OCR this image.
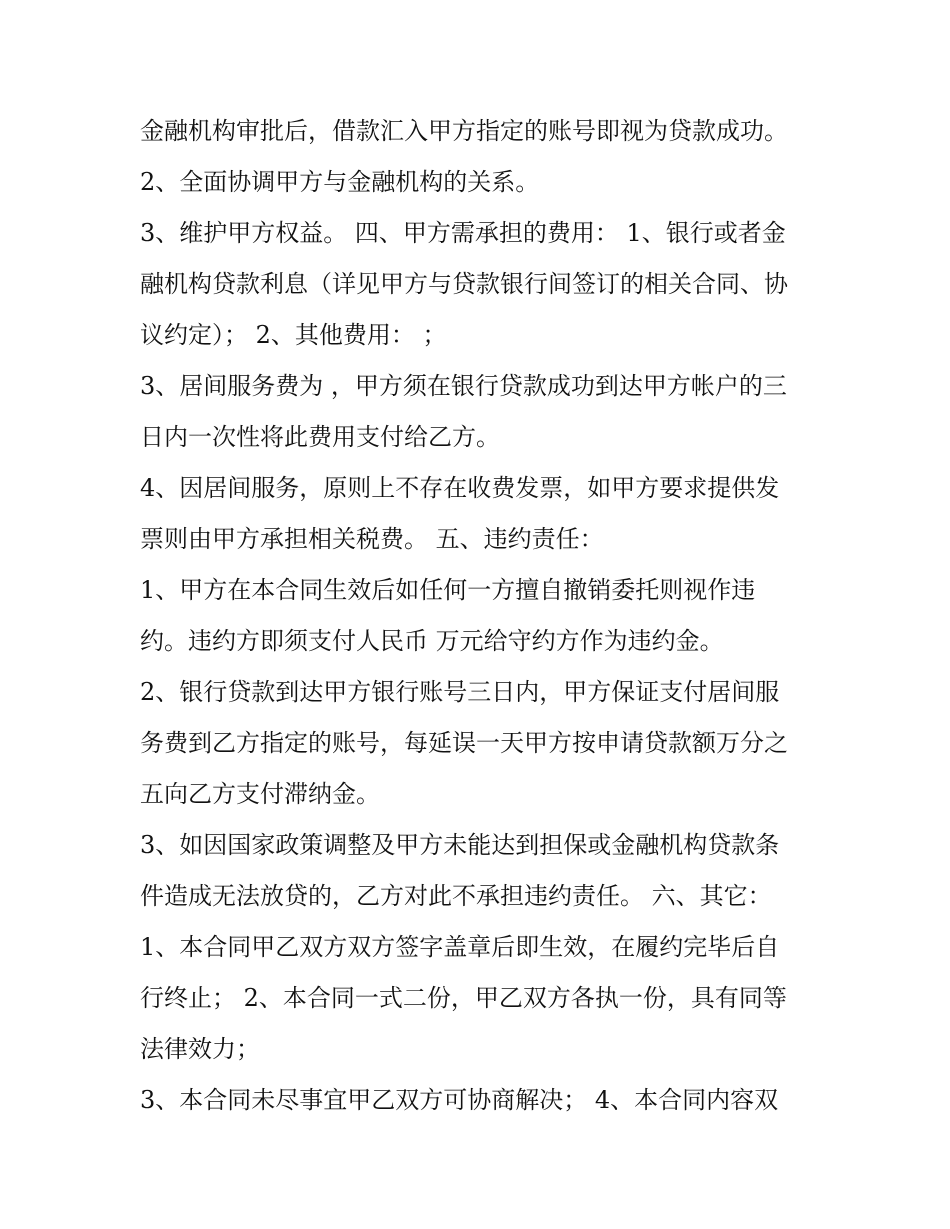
金融机构审批后，借款汇入甲方指定的账号即视为贷款成功。
2、全面协调甲方与金融机构的关系。
3、维护甲方权益。 四、甲方需承担的费用： 1、银行或者金
融机构贷款利息（详见甲方与贷款银行间签订的相关合同、协
议约定）； 2、其他费用： ；
3、居间服务费为 ，甲方须在银行贷款成功到达甲方帐户的三
日内一次性将此费用支付给乙方。
4、因居间服务，原则上不存在收费发票，如甲方要求提供发
票则由甲方承担相关税费。 五、违约责任：
1、甲方在本合同生效后如任何一方擅自撤销委托则视作违
约。违约方即须支付人民币 万元给守约方作为违约金。
2、银行贷款到达甲方银行账号三日内，甲方保证支付居间服
务费到乙方指定的账号，每延误一天甲方按申请贷款额万分之
五向乙方支付滞纳金。
3、如因国家政策调整及甲方未能达到担保或金融机构贷款条
件造成无法放贷的，乙方对此不承担违约责任。 六、其它：
1、本合同甲乙双方双方签字盖章后即生效，在履约完毕后自
行终止； 2、本合同一式二份，甲乙双方各执一份，具有同等
法律效力；
3、本合同未尽事宜甲乙双方可协商解决； 4、本合同内容双
